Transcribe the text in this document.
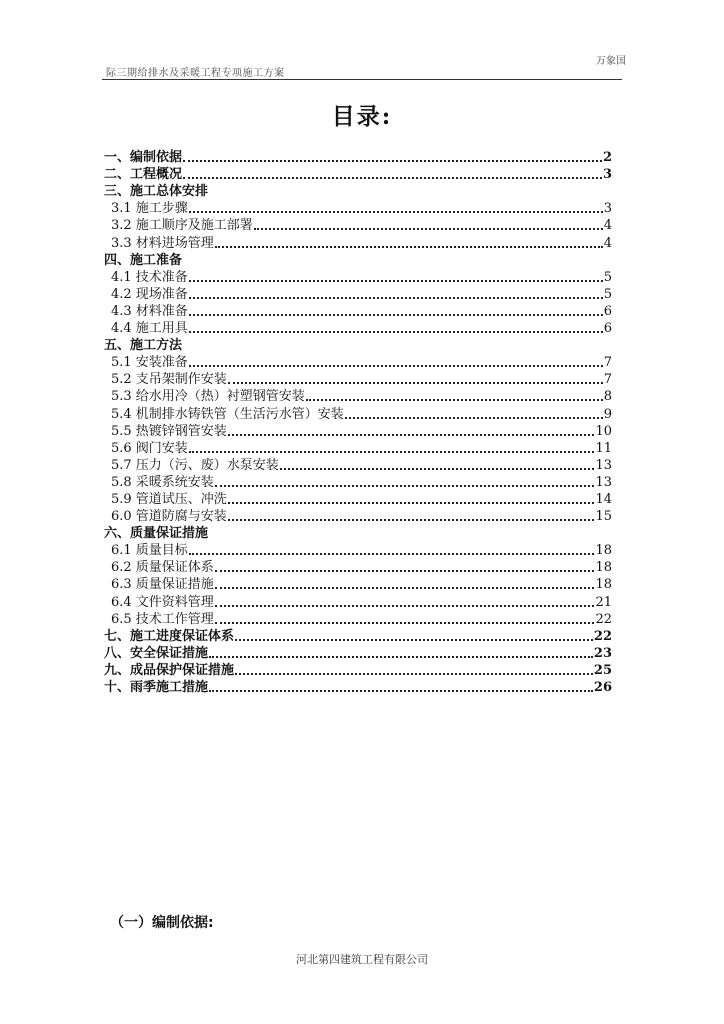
万象国
际三期给排水及采暖工程专项施工方案
目录:
一、编制依据	2
二、工程概况	3
三、施工总体安排
3.1 施工步骤	3
3.2 施工顺序及施工部署	4
3.3 材料进场管理	4
四、施工准备
4.1 技术准备	5
4.2 现场准备	5
4.3 材料准备	6
4.4 施工用具	6
五、施工方法
5.1 安装准备	7
5.2 支吊架制作安装	7
5.3 给水用冷（热）衬塑钢管安装	8
5.4 机制排水铸铁管（生活污水管）安装	9
5.5 热镀锌钢管安装	10
5.6 阀门安装	11
5.7 压力（污、废）水泵安装	13
5.8 采暖系统安装	13
5.9 管道试压、冲洗	14
6.0 管道防腐与安装	15
六、质量保证措施
6.1 质量目标	18
6.2 质量保证体系	18
6.3 质量保证措施	18
6.4 文件资料管理	21
6.5 技术工作管理	22
七、施工进度保证体系	22
八、安全保证措施	23
九、成品保护保证措施	25
十、雨季施工措施	26
（一）编制依据:
河北第四建筑工程有限公司
